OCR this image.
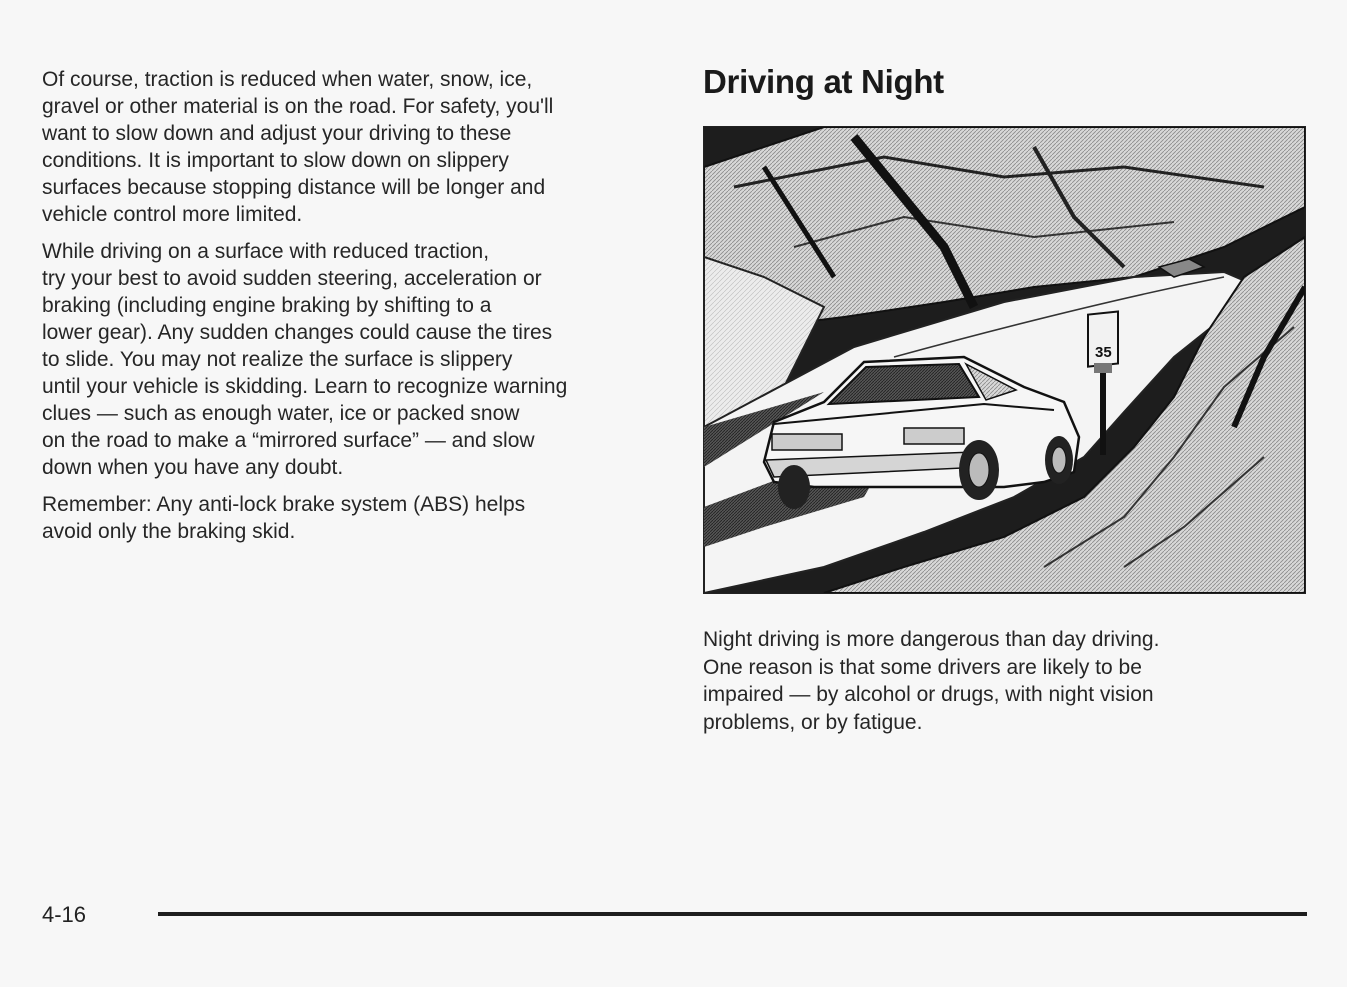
Of course, traction is reduced when water, snow, ice,
gravel or other material is on the road. For safety, you'll
want to slow down and adjust your driving to these
conditions. It is important to slow down on slippery
surfaces because stopping distance will be longer and
vehicle control more limited.

While driving on a surface with reduced traction,
try your best to avoid sudden steering, acceleration or
braking (including engine braking by shifting to a
lower gear). Any sudden changes could cause the tires
to slide. You may not realize the surface is slippery
until your vehicle is skidding. Learn to recognize warning
clues — such as enough water, ice or packed snow
on the road to make a “mirrored surface” — and slow
down when you have any doubt.

Remember: Any anti-lock brake system (ABS) helps
avoid only the braking skid.

Driving at Night
35

Night driving is more dangerous than day driving.
One reason is that some drivers are likely to be
impaired — by alcohol or drugs, with night vision
problems, or by fatigue.

4-16
